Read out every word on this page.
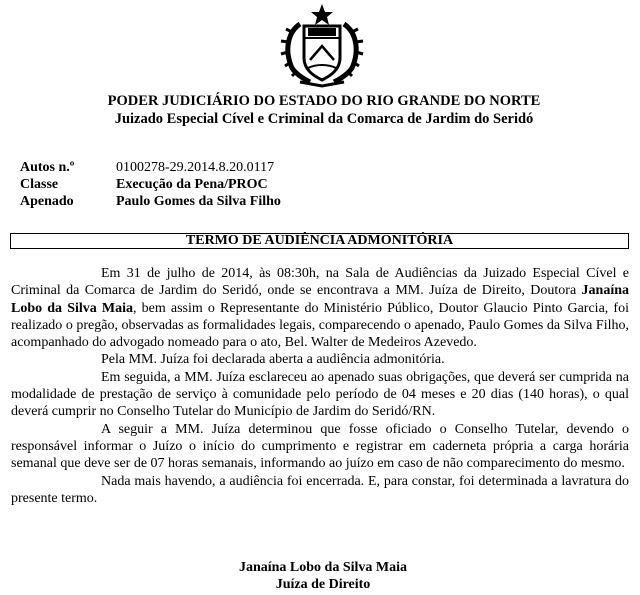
PODER JUDICIÁRIO DO ESTADO DO RIO GRANDE DO NORTE
Juizado Especial Cível e Criminal da Comarca de Jardim do Seridó
Autos n.º	0100278-29.2014.8.20.0117
Classe	Execução da Pena/PROC
Apenado	Paulo Gomes da Silva Filho
TERMO DE AUDIÊNCIA ADMONITÓRIA

Em 31 de julho de 2014, às 08:30h, na Sala de Audiências da Juizado Especial Cível e Criminal da Comarca de Jardim do Seridó, onde se encontrava a MM. Juíza de Direito, Doutora Janaína Lobo da Silva Maia, bem assim o Representante do Ministério Público, Doutor Glaucio Pinto Garcia, foi realizado o pregão, observadas as formalidades legais, comparecendo o apenado, Paulo Gomes da Silva Filho, acompanhado do advogado nomeado para o ato, Bel. Walter de Medeiros Azevedo.

Pela MM. Juíza foi declarada aberta a audiência admonitória.

Em seguida, a MM. Juíza esclareceu ao apenado suas obrigações, que deverá ser cumprida na modalidade de prestação de serviço à comunidade pelo período de 04 meses e 20 dias (140 horas), o qual deverá cumprir no Conselho Tutelar do Município de Jardim do Seridó/RN.

A seguir a MM. Juíza determinou que fosse oficiado o Conselho Tutelar, devendo o responsável informar o Juízo o início do cumprimento e registrar em caderneta própria a carga horária semanal que deve ser de 07 horas semanais, informando ao juízo em caso de não comparecimento do mesmo.

Nada mais havendo, a audiência foi encerrada. E, para constar, foi determinada a lavratura do presente termo.

Janaína Lobo da Silva Maia
Juíza de Direito
